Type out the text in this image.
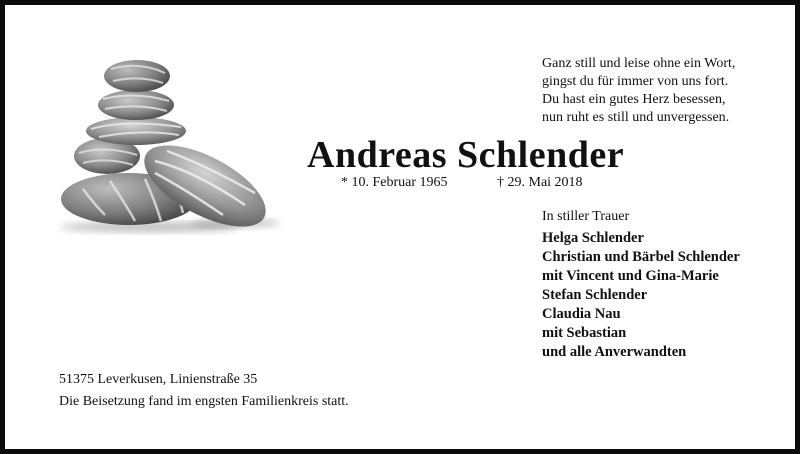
Ganz still und leise ohne ein Wort,
gingst du für immer von uns fort.
Du hast ein gutes Herz besessen,
nun ruht es still und unvergessen.
Andreas Schlender
* 10. Februar 1965	† 29. Mai 2018
In stiller Trauer
Helga Schlender
Christian und Bärbel Schlender
mit Vincent und Gina-Marie
Stefan Schlender
Claudia Nau
mit Sebastian
und alle Anverwandten
51375 Leverkusen, Linienstraße 35
Die Beisetzung fand im engsten Familienkreis statt.
